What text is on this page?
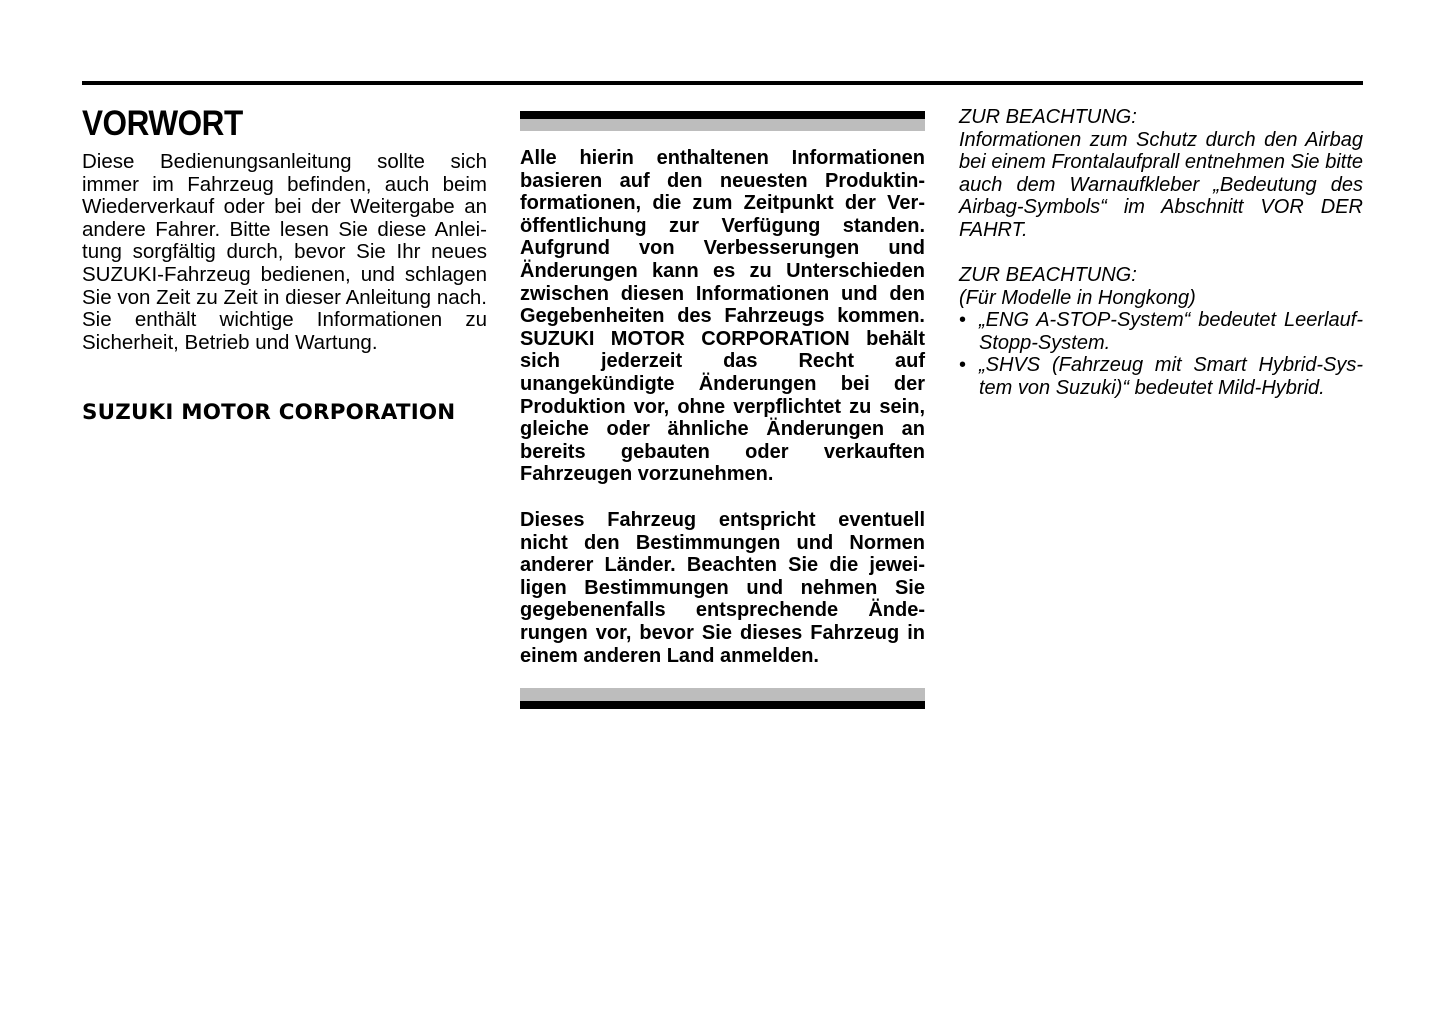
VORWORT

Diese Bedienungsanleitung sollte sich immer im Fahrzeug befinden, auch beim Wiederverkauf oder bei der Weitergabe an andere Fahrer. Bitte lesen Sie diese Anleitung sorgfältig durch, bevor Sie Ihr neues SUZUKI-Fahrzeug bedienen, und schlagen Sie von Zeit zu Zeit in dieser Anleitung nach. Sie enthält wichtige Informationen zu Sicherheit, Betrieb und Wartung.

SUZUKI MOTOR CORPORATION

Alle hierin enthaltenen Informationen basieren auf den neuesten Produktinformationen, die zum Zeitpunkt der Veröffentlichung zur Verfügung standen. Aufgrund von Verbesserungen und Änderungen kann es zu Unterschieden zwischen diesen Informationen und den Gegebenheiten des Fahrzeugs kommen. SUZUKI MOTOR CORPORATION behält sich jederzeit das Recht auf unangekündigte Änderungen bei der Produktion vor, ohne verpflichtet zu sein, gleiche oder ähnliche Änderungen an bereits gebauten oder verkauften Fahrzeugen vorzunehmen.

Dieses Fahrzeug entspricht eventuell nicht den Bestimmungen und Normen anderer Länder. Beachten Sie die jeweiligen Bestimmungen und nehmen Sie gegebenenfalls entsprechende Änderungen vor, bevor Sie dieses Fahrzeug in einem anderen Land anmelden.

ZUR BEACHTUNG:
Informationen zum Schutz durch den Airbag bei einem Frontalaufprall entnehmen Sie bitte auch dem Warnaufkleber „Bedeutung des Airbag-Symbols“ im Abschnitt VOR DER FAHRT.
ZUR BEACHTUNG:
(Für Modelle in Hongkong)
• „ENG A-STOP-System“ bedeutet Leerlauf-Stopp-System.
• „SHVS (Fahrzeug mit Smart Hybrid-System von Suzuki)“ bedeutet Mild-Hybrid.
